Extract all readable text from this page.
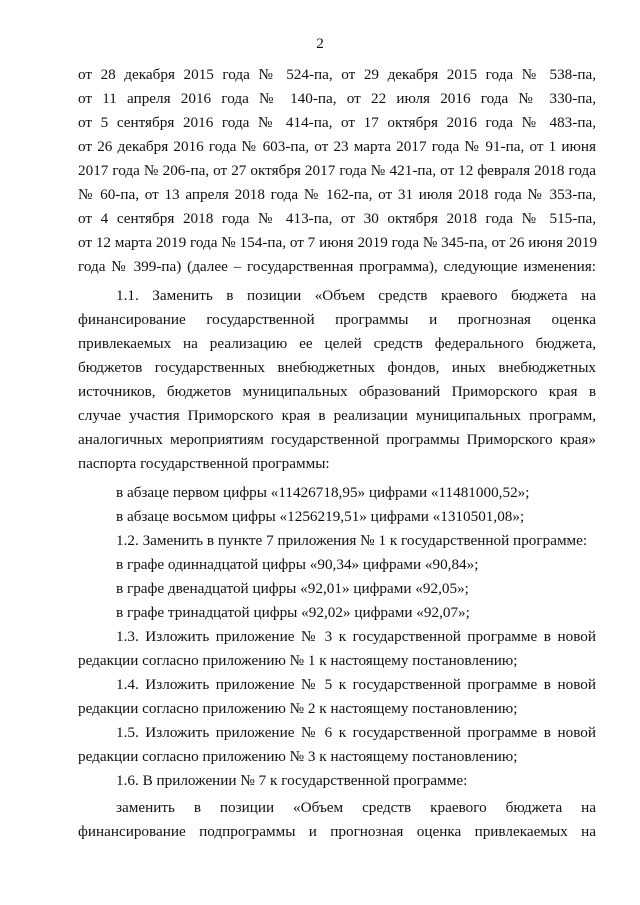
2
от 28 декабря 2015 года № 524-па, от 29 декабря 2015 года № 538-па,
от 11 апреля 2016 года № 140-па, от 22 июля 2016 года № 330-па,
от 5 сентября 2016 года № 414-па, от 17 октября 2016 года № 483-па,
от 26 декабря 2016 года № 603-па, от 23 марта 2017 года № 91-па, от 1 июня
2017 года № 206-па, от 27 октября 2017 года № 421-па, от 12 февраля 2018 года
№ 60-па, от 13 апреля 2018 года № 162-па, от 31 июля 2018 года № 353-па,
от 4 сентября 2018 года № 413-па, от 30 октября 2018 года № 515-па,
от 12 марта 2019 года № 154-па, от 7 июня 2019 года № 345-па, от 26 июня 2019
года № 399-па) (далее – государственная программа), следующие изменения:
1.1. Заменить в позиции «Объем средств краевого бюджета на
финансирование государственной программы и прогнозная оценка
привлекаемых на реализацию ее целей средств федерального бюджета,
бюджетов государственных внебюджетных фондов, иных внебюджетных
источников, бюджетов муниципальных образований Приморского края в
случае участия Приморского края в реализации муниципальных программ,
аналогичных мероприятиям государственной программы Приморского края»
паспорта государственной программы:
в абзаце первом цифры «11426718,95» цифрами «11481000,52»;
в абзаце восьмом цифры «1256219,51» цифрами «1310501,08»;
1.2. Заменить в пункте 7 приложения № 1 к государственной программе:
в графе одиннадцатой цифры «90,34» цифрами «90,84»;
в графе двенадцатой цифры «92,01» цифрами «92,05»;
в графе тринадцатой цифры «92,02» цифрами «92,07»;
1.3. Изложить приложение № 3 к государственной программе в новой
редакции согласно приложению № 1 к настоящему постановлению;
1.4. Изложить приложение № 5 к государственной программе в новой
редакции согласно приложению № 2 к настоящему постановлению;
1.5. Изложить приложение № 6 к государственной программе в новой
редакции согласно приложению № 3 к настоящему постановлению;
1.6. В приложении № 7 к государственной программе:
заменить в позиции «Объем средств краевого бюджета на
финансирование подпрограммы и прогнозная оценка привлекаемых на
